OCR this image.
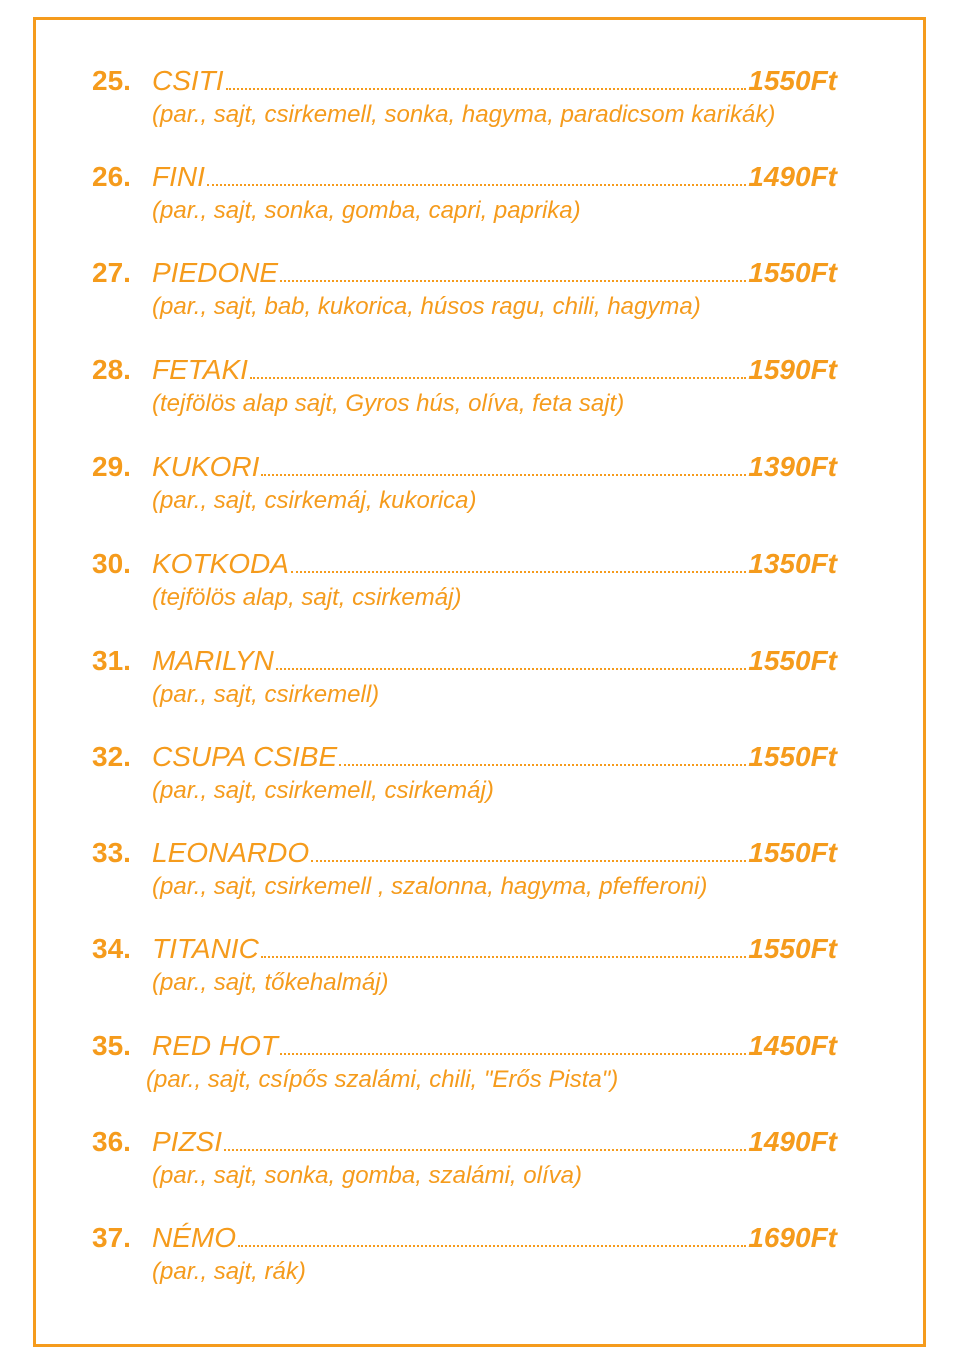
25. CSITI	1550Ft
(par., sajt, csirkemell, sonka, hagyma, paradicsom karikák)
26. FINI	1490Ft
(par., sajt, sonka, gomba, capri, paprika)
27. PIEDONE	1550Ft
(par., sajt, bab, kukorica, húsos ragu, chili, hagyma)
28. FETAKI	1590Ft
(tejfölös alap sajt, Gyros hús, olíva, feta sajt)
29. KUKORI	1390Ft
(par., sajt, csirkemáj, kukorica)
30. KOTKODA	1350Ft
(tejfölös alap, sajt, csirkemáj)
31. MARILYN	1550Ft
(par., sajt, csirkemell)
32. CSUPA CSIBE	1550Ft
(par., sajt, csirkemell, csirkemáj)
33. LEONARDO	1550Ft
(par., sajt, csirkemell , szalonna, hagyma, pfefferoni)
34. TITANIC	1550Ft
(par., sajt, tőkehalmáj)
35. RED HOT	1450Ft
(par., sajt, csípős szalámi, chili, "Erős Pista")
36. PIZSI	1490Ft
(par., sajt, sonka, gomba, szalámi, olíva)
37. NÉMO	1690Ft
(par., sajt, rák)
